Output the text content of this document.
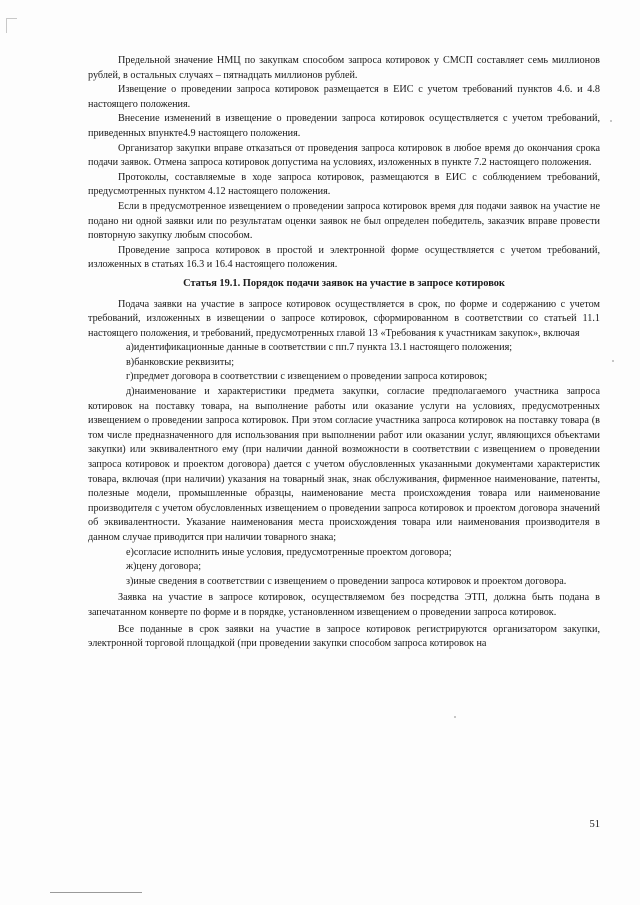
Предельной значение НМЦ по закупкам способом запроса котировок у СМСП составляет семь миллионов рублей, в остальных случаях – пятнадцать миллионов рублей.

Извещение о проведении запроса котировок размещается в ЕИС с учетом требований пунктов 4.6. и 4.8 настоящего положения.

Внесение изменений в извещение о проведении запроса котировок осуществляется с учетом требований, приведенных впункте4.9 настоящего положения.

Организатор закупки вправе отказаться от проведения запроса котировок в любое время до окончания срока подачи заявок. Отмена запроса котировок допустима на условиях, изложенных в пункте 7.2 настоящего положения.

Протоколы, составляемые в ходе запроса котировок, размещаются в ЕИС с соблюдением требований, предусмотренных пунктом 4.12 настоящего положения.

Если в предусмотренное извещением о проведении запроса котировок время для подачи заявок на участие не подано ни одной заявки или по результатам оценки заявок не был определен победитель, заказчик вправе провести повторную закупку любым способом.

Проведение запроса котировок в простой и электронной форме осуществляется с учетом требований, изложенных в статьях 16.3 и 16.4 настоящего положения.

Статья 19.1. Порядок подачи заявок на участие в запросе котировок

Подача заявки на участие в запросе котировок осуществляется в срок, по форме и содержанию с учетом требований, изложенных в извещении о запросе котировок, сформированном в соответствии со статьей 11.1 настоящего положения, и требований, предусмотренных главой 13 «Требования к участникам закупок», включая

а)идентификационные данные в соответствии с пп.7 пункта 13.1 настоящего положения;

в)банковские реквизиты;

г)предмет договора в соответствии с извещением о проведении запроса котировок;

д)наименование и характеристики предмета закупки, согласие предполагаемого участника запроса котировок на поставку товара, на выполнение работы или оказание услуги на условиях, предусмотренных извещением о проведении запроса котировок. При этом согласие участника запроса котировок на поставку товара (в том числе предназначенного для использования при выполнении работ или оказании услуг, являющихся объектами закупки) или эквивалентного ему (при наличии данной возможности в соответствии с извещением о проведении запроса котировок и проектом договора) дается с учетом обусловленных указанными документами характеристик товара, включая (при наличии) указания на товарный знак, знак обслуживания, фирменное наименование, патенты, полезные модели, промышленные образцы, наименование места происхождения товара или наименование производителя с учетом обусловленных извещением о проведении запроса котировок и проектом договора значений об эквивалентности. Указание наименования места происхождения товара или наименования производителя в данном случае приводится при наличии товарного знака;

е)согласие исполнить иные условия, предусмотренные проектом договора;

ж)цену договора;

з)иные сведения в соответствии с извещением о проведении запроса котировок и проектом договора.

Заявка на участие в запросе котировок, осуществляемом без посредства ЭТП, должна быть подана в запечатанном конверте по форме и в порядке, установленном извещением о проведении запроса котировок.

Все поданные в срок заявки на участие в запросе котировок регистрируются организатором закупки, электронной торговой площадкой (при проведении закупки способом запроса котировок на

51
